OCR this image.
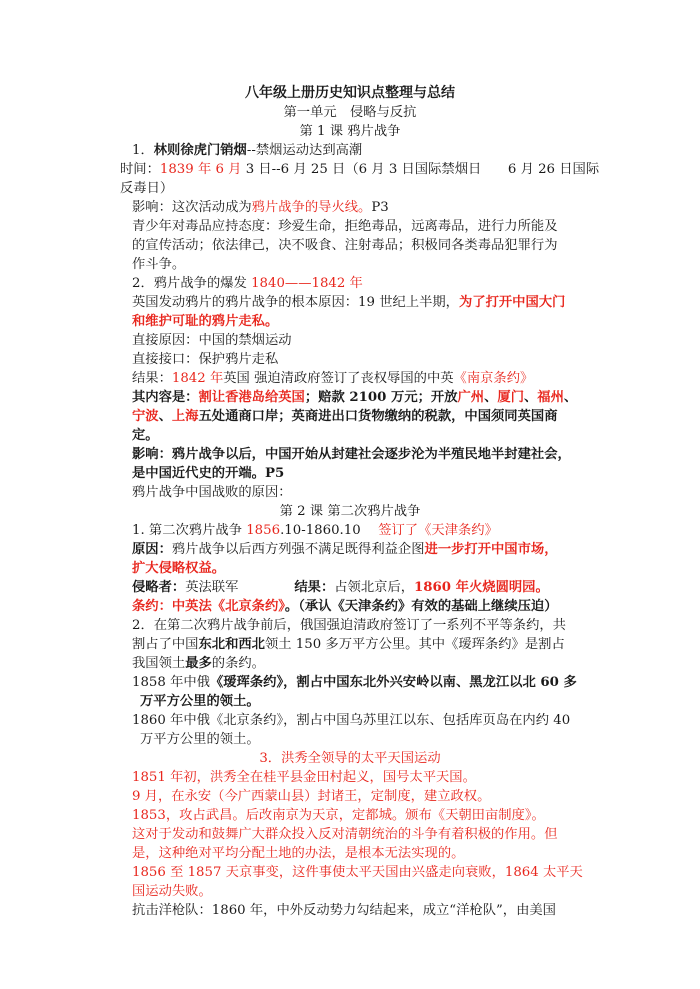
八年级上册历史知识点整理与总结
第一单元　侵略与反抗
第 1 课 鸦片战争
1．林则徐虎门销烟--禁烟运动达到高潮
时间：1839 年 6 月 3 日--6 月 25 日（6 月 3 日国际禁烟日　　6 月 26 日国际
反毒日）
影响：这次活动成为鸦片战争的导火线。P3
青少年对毒品应持态度：珍爱生命，拒绝毒品，远离毒品，进行力所能及
的宣传活动；依法律己，决不吸食、注射毒品；积极同各类毒品犯罪行为
作斗争。
2．鸦片战争的爆发 1840——1842 年
英国发动鸦片的鸦片战争的根本原因：19 世纪上半期，为了打开中国大门
和维护可耻的鸦片走私。
直接原因：中国的禁烟运动
直接接口：保护鸦片走私
结果：1842 年英国 强迫清政府签订了丧权辱国的中英《南京条约》
其内容是：割让香港岛给英国；赔款 2100 万元；开放广州、厦门、福州、
宁波、上海五处通商口岸；英商进出口货物缴纳的税款，中国须同英国商
定。
影响：鸦片战争以后，中国开始从封建社会逐步沦为半殖民地半封建社会，
是中国近代史的开端。P5
鸦片战争中国战败的原因：
第 2 课 第二次鸦片战争
1. 第二次鸦片战争 1856.10-1860.10　 签订了《天津条约》
原因：鸦片战争以后西方列强不满足既得利益企图进一步打开中国市场，
扩大侵略权益。
侵略者：英法联军	结果：占领北京后，1860 年火烧圆明园。
条约：中英法《北京条约》。（承认《天津条约》有效的基础上继续压迫）
2．在第二次鸦片战争前后，俄国强迫清政府签订了一系列不平等条约，共
割占了中国东北和西北领土 150 多万平方公里。其中《瑷珲条约》是割占
我国领土最多的条约。
1858 年中俄《瑷珲条约》，割占中国东北外兴安岭以南、黑龙江以北 60 多
万平方公里的领土。
1860 年中俄《北京条约》，割占中国乌苏里江以东、包括库页岛在内约 40
万平方公里的领土。
3．洪秀全领导的太平天国运动
1851 年初，洪秀全在桂平县金田村起义，国号太平天国。
9 月，在永安（今广西蒙山县）封诸王，定制度，建立政权。
1853，攻占武昌。后改南京为天京，定都城。颁布《天朝田亩制度》。
这对于发动和鼓舞广大群众投入反对清朝统治的斗争有着积极的作用。但
是，这种绝对平均分配土地的办法，是根本无法实现的。
1856 至 1857 天京事变，这件事使太平天国由兴盛走向衰败，1864 太平天
国运动失败。
抗击洋枪队：1860 年，中外反动势力勾结起来，成立“洋枪队”，由美国
